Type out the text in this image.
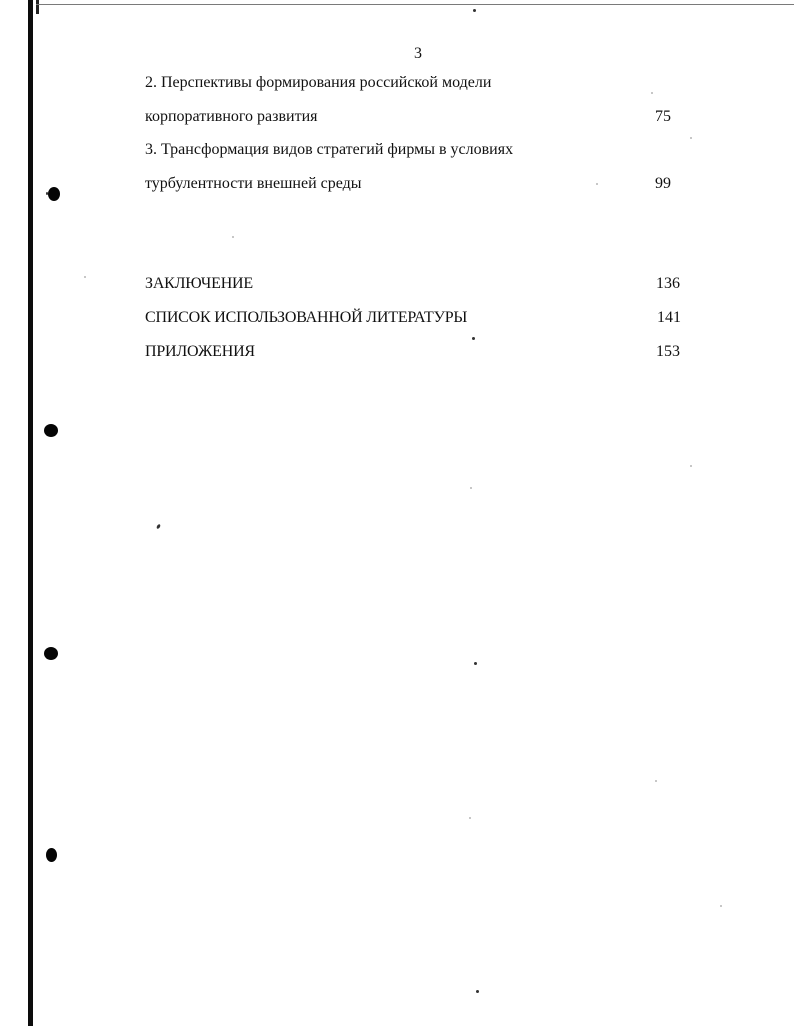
3
2. Перспективы формирования российской модели
корпоративного развития	75
3. Трансформация видов стратегий фирмы в условиях
турбулентности внешней среды	99
ЗАКЛЮЧЕНИЕ	136
СПИСОК ИСПОЛЬЗОВАННОЙ ЛИТЕРАТУРЫ	141
ПРИЛОЖЕНИЯ	153
